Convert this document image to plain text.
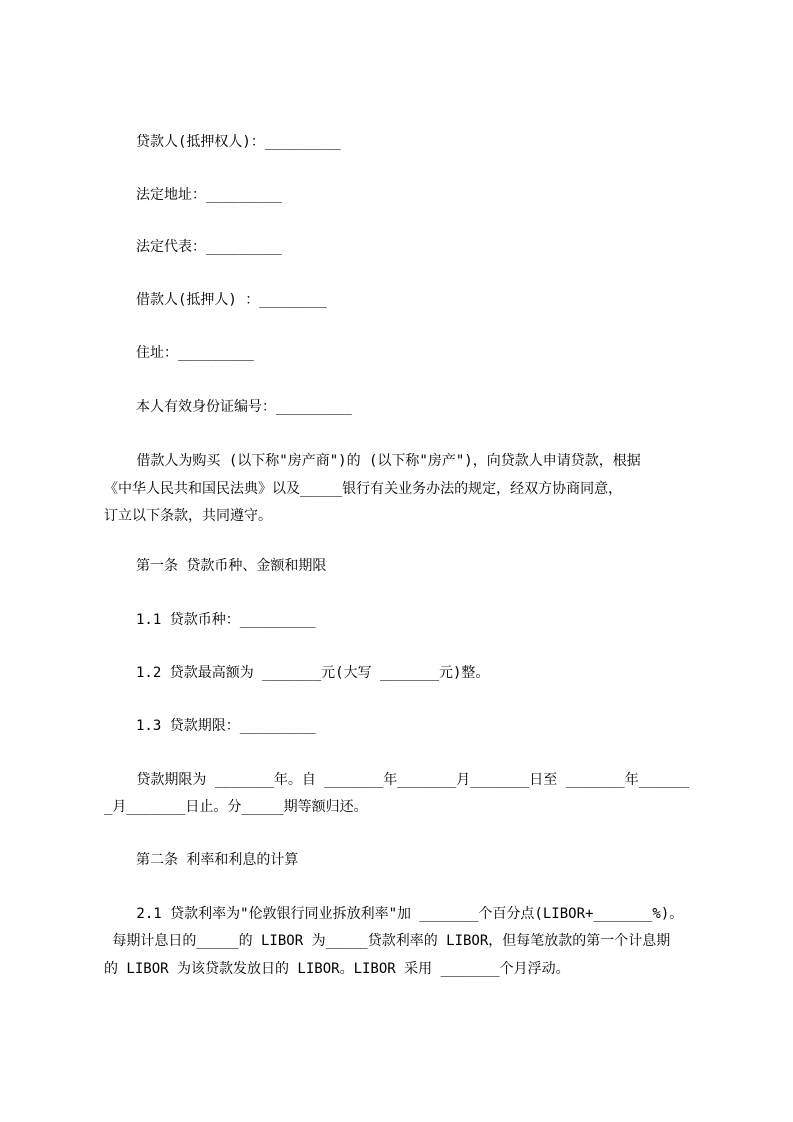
贷款人(抵押权人)：_________
法定地址：_________
法定代表：_________
借款人(抵押人) ：________
住址：_________
本人有效身份证编号：_________
借款人为购买 (以下称"房产商")的 (以下称"房产")，向贷款人申请贷款，根据
《中华人民共和国民法典》以及_____银行有关业务办法的规定，经双方协商同意，
订立以下条款，共同遵守。
第一条 贷款币种、金额和期限
1.1 贷款币种：_________
1.2 贷款最高额为 _______元(大写 _______元)整。
1.3 贷款期限：_________
贷款期限为 _______年。自 _______年_______月_______日至 _______年______
_月_______日止。分_____期等额归还。
第二条 利率和利息的计算
2.1 贷款利率为"伦敦银行同业拆放利率"加 _______个百分点(LIBOR+_______%)。
每期计息日的_____的 LIBOR 为_____贷款利率的 LIBOR，但每笔放款的第一个计息期
的 LIBOR 为该贷款发放日的 LIBOR。LIBOR 采用 _______个月浮动。
